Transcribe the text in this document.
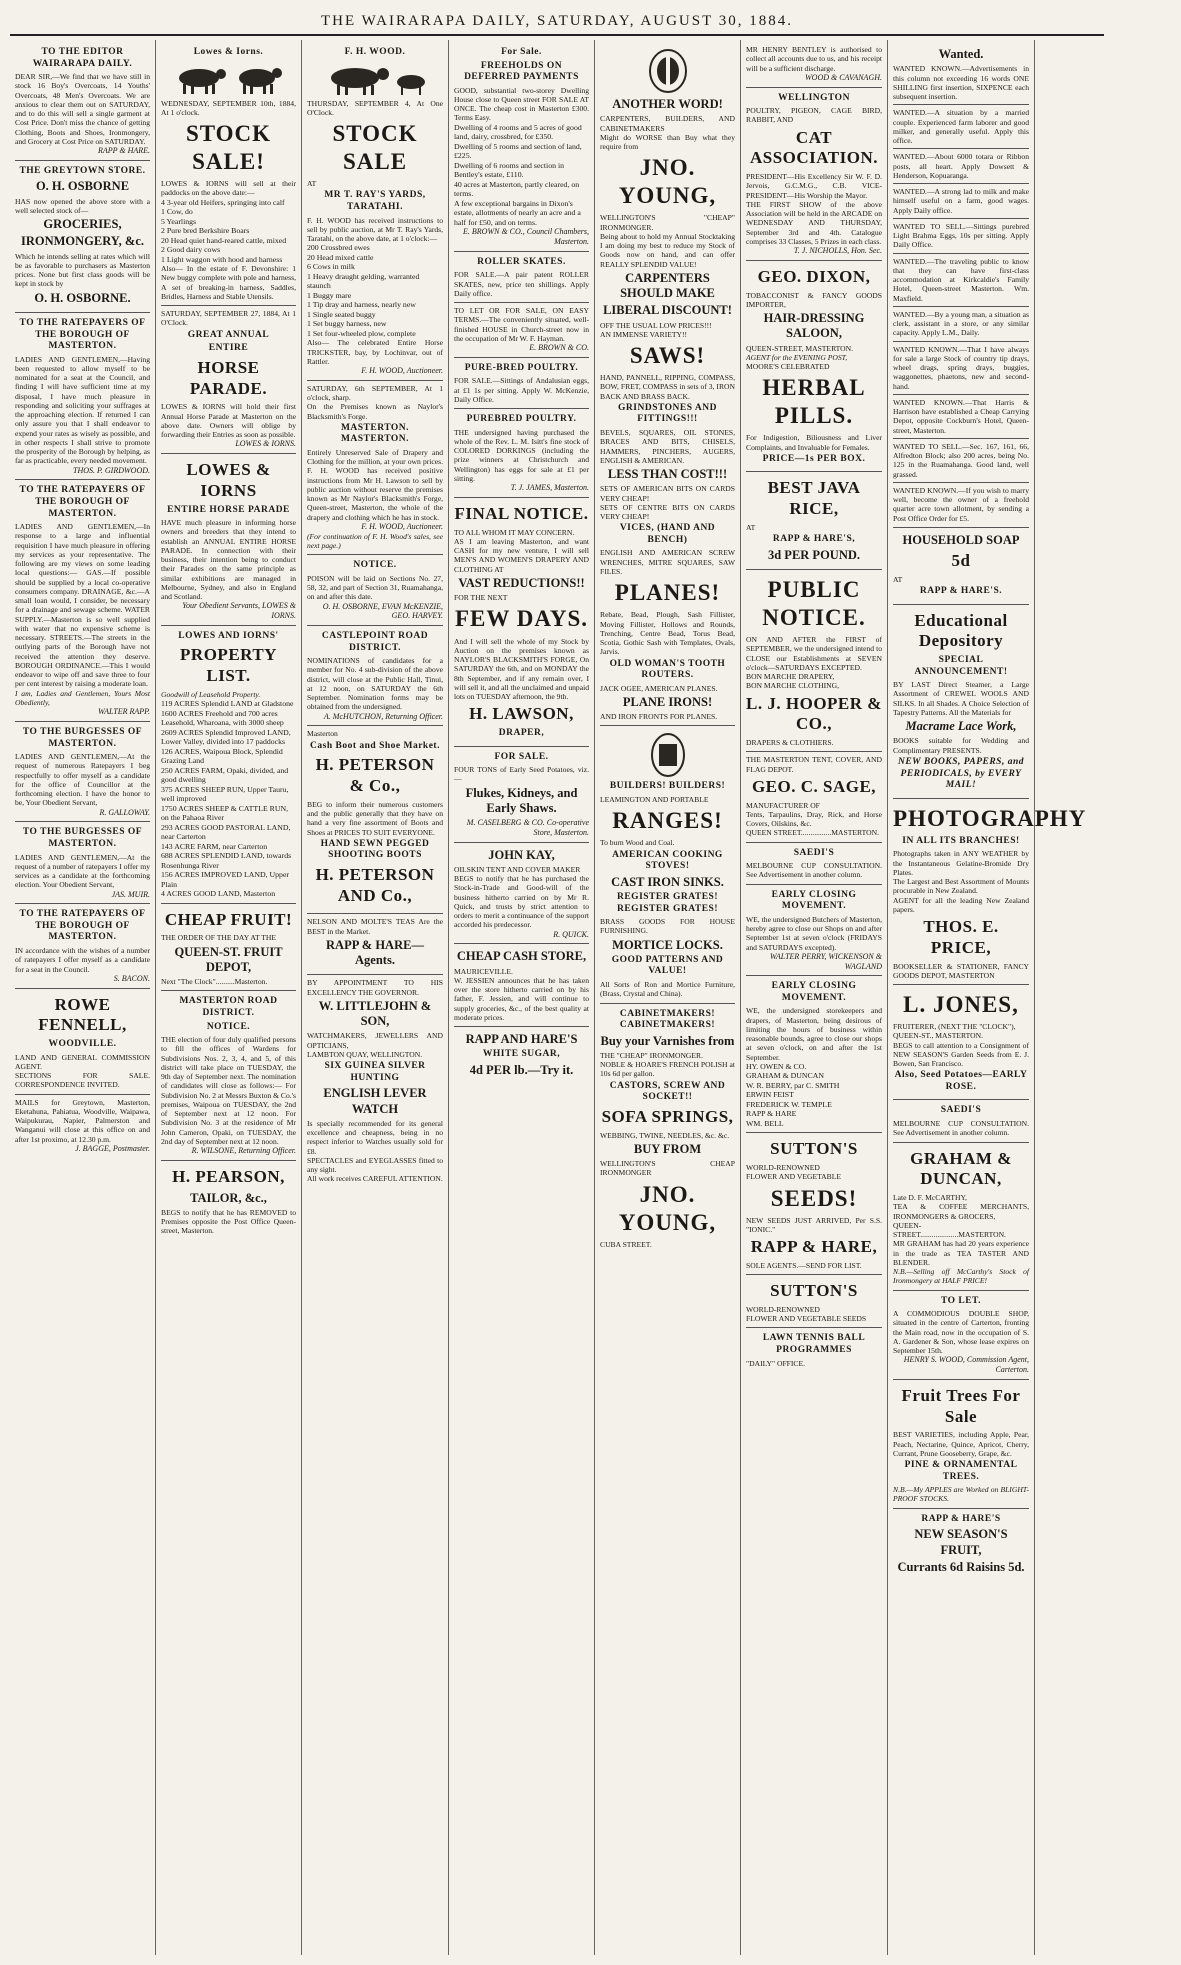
THE WAIRARAPA DAILY, SATURDAY, AUGUST 30, 1884.
TO THE EDITOR WAIRARAPA DAILY.
DEAR SIR,—We find that we have still in stock 16 Boy's Overcoats, 14 Youths' Overcoats, 48 Men's Overcoats. We are anxious to clear them out on SATURDAY, and to do this will sell a single garment at Cost Price. Don't miss the chance of getting Clothing, Boots and Shoes, Ironmongery, and Grocery at Cost Price on SATURDAY.
RAPP & HARE.
THE GREYTOWN STORE.
O. H. OSBORNE
HAS now opened the above store with a well selected stock of—
GROCERIES,
IRONMONGERY, &c.
Which he intends selling at rates which will be as favorable to purchasers as Masterton prices. None but first class goods will be kept in stock by
O. H. OSBORNE.
TO THE RATEPAYERS OF THE BOROUGH OF MASTERTON.
LADIES AND GENTLEMEN,—Having been requested to allow myself to be nominated for a seat at the Council, and finding I will have sufficient time at my disposal, I have much pleasure in responding and soliciting your suffrages at the approaching election. If returned I can only assure you that I shall endeavor to expend your rates as wisely as possible, and in other respects I shall strive to promote the prosperity of the Borough by helping, as far as practicable, every needed movement.
THOS. P. GIRDWOOD.
TO THE RATEPAYERS OF THE BOROUGH OF MASTERTON.
LADIES AND GENTLEMEN,—In response to a large and influential requisition I have much pleasure in offering my services as your representative. The following are my views on some leading local questions:— GAS.—If possible should be supplied by a local co-operative consumers company. DRAINAGE, &c.—A small loan would, I consider, be necessary for a drainage and sewage scheme. WATER SUPPLY.—Masterton is so well supplied with water that no expensive scheme is necessary. STREETS.—The streets in the outlying parts of the Borough have not received the attention they deserve. BOROUGH ORDINANCE.—This I would endeavor to wipe off and save three to four per cent interest by raising a moderate loan.
I am, Ladies and Gentlemen, Yours Most Obediently,
WALTER RAPP.
TO THE BURGESSES OF MASTERTON.
LADIES AND GENTLEMEN,—At the request of numerous Ratepayers I beg respectfully to offer myself as a candidate for the office of Councillor at the forthcoming election. I have the honor to be, Your Obedient Servant,
R. GALLOWAY.
TO THE BURGESSES OF MASTERTON.
LADIES AND GENTLEMEN,—At the request of a number of ratepayers I offer my services as a candidate at the forthcoming election. Your Obedient Servant,
JAS. MUIR.
TO THE RATEPAYERS OF THE BOROUGH OF MASTERTON.
IN accordance with the wishes of a number of ratepayers I offer myself as a candidate for a seat in the Council.
S. BACON.
ROWE FENNELL,
WOODVILLE.
LAND AND GENERAL COMMISSION AGENT.
SECTIONS FOR SALE. CORRESPONDENCE INVITED.
MAILS for Greytown, Masterton, Eketahuna, Pahiatua, Woodville, Waipawa, Waipukurau, Napier, Palmerston and Wanganui will close at this office on and after 1st proximo, at 12.30 p.m.
J. BAGGE, Postmaster.
Lowes & Iorns.
WEDNESDAY, SEPTEMBER 10th, 1884, At 1 o'clock.
STOCK SALE!
LOWES & IORNS will sell at their paddocks on the above date:—
4 3-year old Heifers, springing into calf
1 Cow, do
5 Yearlings
2 Pure bred Berkshire Boars
20 Head quiet hand-reared cattle, mixed
2 Good dairy cows
1 Light waggon with hood and harness
Also— In the estate of F. Devonshire: 1 New buggy complete with pole and harness, A set of breaking-in harness, Saddles, Bridles, Harness and Stable Utensils.
SATURDAY, SEPTEMBER 27, 1884, At 1 O'Clock.
GREAT ANNUAL
ENTIRE
HORSE PARADE.
LOWES & IORNS will hold their first Annual Horse Parade at Masterton on the above date. Owners will oblige by forwarding their Entries as soon as possible.
LOWES & IORNS.
LOWES & IORNS
ENTIRE HORSE PARADE
HAVE much pleasure in informing horse owners and breeders that they intend to establish an ANNUAL ENTIRE HORSE PARADE. In connection with their business, their intention being to conduct their Parades on the same principle as similar exhibitions are managed in Melbourne, Sydney, and also in England and Scotland.
Your Obedient Servants, LOWES & IORNS.
LOWES AND IORNS'
PROPERTY LIST.
Goodwill of Leasehold Property.
119 ACRES Splendid LAND at Gladstone
1600 ACRES Freehold and 700 acres Leasehold, Wharoana, with 3000 sheep
2609 ACRES Splendid Improved LAND, Lower Valley, divided into 17 paddocks
126 ACRES, Waipoua Block, Splendid Grazing Land
250 ACRES FARM, Opaki, divided, and good dwelling
375 ACRES SHEEP RUN, Upper Tauru, well improved
1750 ACRES SHEEP & CATTLE RUN, on the Pahaoa River
293 ACRES GOOD PASTORAL LAND, near Carterton
143 ACRE FARM, near Carterton
688 ACRES SPLENDID LAND, towards Rosenhunga River
156 ACRES IMPROVED LAND, Upper Plain
4 ACRES GOOD LAND, Masterton
CHEAP FRUIT!
THE ORDER OF THE DAY AT THE
QUEEN-ST. FRUIT DEPOT,
Next "The Clock"..........Masterton.
MASTERTON ROAD DISTRICT.
NOTICE.
THE election of four duly qualified persons to fill the offices of Wardens for Subdivisions Nos. 2, 3, 4, and 5, of this district will take place on TUESDAY, the 9th day of September next. The nomination of candidates will close as follows:— For Subdivision No. 2 at Messrs Buxton & Co.'s premises, Waipoua on TUESDAY, the 2nd of September next at 12 noon. For Subdivision No. 3 at the residence of Mr John Cameron, Opaki, on TUESDAY, the 2nd day of September next at 12 noon.
R. WILSONE, Returning Officer.
H. PEARSON,
TAILOR, &c.,
BEGS to notify that he has REMOVED to Premises opposite the Post Office Queen-street, Masterton.
F. H. WOOD.
THURSDAY, SEPTEMBER 4, At One O'Clock.
STOCK SALE
AT
MR T. RAY'S YARDS, TARATAHI.
F. H. WOOD has received instructions to sell by public auction, at Mr T. Ray's Yards, Taratahi, on the above date, at 1 o'clock:—
200 Crossbred ewes
20 Head mixed cattle
6 Cows in milk
1 Heavy draught gelding, warranted staunch
1 Buggy mare
1 Tip dray and harness, nearly new
1 Single seated buggy
1 Set buggy harness, new
1 Set four-wheeled plow, complete
Also— The celebrated Entire Horse TRICKSTER, bay, by Lochinvar, out of Rattler.
F. H. WOOD, Auctioneer.
SATURDAY, 6th SEPTEMBER, At 1 o'clock, sharp.
On the Premises known as Naylor's Blacksmith's Forge.
MASTERTON. MASTERTON.
Entirely Unreserved Sale of Drapery and Clothing for the million, at your own prices. F. H. WOOD has received positive instructions from Mr H. Lawson to sell by public auction without reserve the premises known as Mr Naylor's Blacksmith's Forge, Queen-street, Masterton, the whole of the drapery and clothing which he has in stock.
F. H. WOOD, Auctioneer.
(For continuation of F. H. Wood's sales, see next page.)
NOTICE.
POISON will be laid on Sections No. 27, 58, 32, and part of Section 31, Ruamahanga, on and after this date.
O. H. OSBORNE, EVAN McKENZIE, GEO. HARVEY.
CASTLEPOINT ROAD DISTRICT.
NOMINATIONS of candidates for a member for No. 4 sub-division of the above district, will close at the Public Hall, Tinui, at 12 noon, on SATURDAY the 6th September. Nomination forms may be obtained from the undersigned.
A. McHUTCHON, Returning Officer.
Masterton
Cash Boot and Shoe Market.
H. PETERSON & Co.,
BEG to inform their numerous customers and the public generally that they have on hand a very fine assortment of Boots and Shoes at PRICES TO SUIT EVERYONE.
HAND SEWN PEGGED SHOOTING BOOTS
H. PETERSON AND Co.,
NELSON AND MOLTE'S TEAS Are the BEST in the Market.
RAPP & HARE—Agents.
BY APPOINTMENT TO HIS EXCELLENCY THE GOVERNOR.
W. LITTLEJOHN & SON,
WATCHMAKERS, JEWELLERS AND OPTICIANS,
LAMBTON QUAY, WELLINGTON.
SIX GUINEA SILVER HUNTING
ENGLISH LEVER WATCH
Is specially recommended for its general excellence and cheapness, being in no respect inferior to Watches usually sold for £8.
SPECTACLES and EYEGLASSES fitted to any sight.
All work receives CAREFUL ATTENTION.
For Sale.
FREEHOLDS ON DEFERRED PAYMENTS
GOOD, substantial two-storey Dwelling House close to Queen street FOR SALE AT ONCE. The cheap cost in Masterton £300. Terms Easy.
Dwelling of 4 rooms and 5 acres of good land, dairy, crossbred, for £350.
Dwelling of 5 rooms and section of land, £225.
Dwelling of 6 rooms and section in Bentley's estate, £110.
40 acres at Masterton, partly cleared, on terms.
A few exceptional bargains in Dixon's estate, allotments of nearly an acre and a half for £50, and on terms.
E. BROWN & CO., Council Chambers, Masterton.
ROLLER SKATES.
FOR SALE.—A pair patent ROLLER SKATES, new, price ten shillings. Apply Daily office.
TO LET OR FOR SALE, ON EASY TERMS.—The conveniently situated, well-finished HOUSE in Church-street now in the occupation of Mr W. F. Hayman.
E. BROWN & CO.
PURE-BRED POULTRY.
FOR SALE.—Sittings of Andalusian eggs, at £1 1s per sitting. Apply W. McKenzie, Daily Office.
PUREBRED POULTRY.
THE undersigned having purchased the whole of the Rev. L. M. Isitt's fine stock of COLORED DORKINGS (including the prize winners at Christchurch and Wellington) has eggs for sale at £1 per sitting.
T. J. JAMES, Masterton.
FINAL NOTICE.
TO ALL WHOM IT MAY CONCERN.
AS I am leaving Masterton, and want CASH for my new venture, I will sell MEN'S AND WOMEN'S DRAPERY AND CLOTHING AT
VAST REDUCTIONS!!
FOR THE NEXT
FEW DAYS.
And I will sell the whole of my Stock by Auction on the premises known as NAYLOR'S BLACKSMITH'S FORGE, On SATURDAY the 6th, and on MONDAY the 8th September, and if any remain over, I will sell it, and all the unclaimed and unpaid lots on TUESDAY afternoon, the 9th.
H. LAWSON,
DRAPER,
FOR SALE.
FOUR TONS of Early Seed Potatoes, viz.—
Flukes, Kidneys, and Early Shaws.
M. CASELBERG & CO. Co-operative Store, Masterton.
JOHN KAY,
OILSKIN TENT AND COVER MAKER
BEGS to notify that he has purchased the Stock-in-Trade and Good-will of the business hitherto carried on by Mr R. Quick, and trusts by strict attention to orders to merit a continuance of the support accorded his predecessor.
R. QUICK.
CHEAP CASH STORE,
MAURICEVILLE.
W. JESSIEN announces that he has taken over the store hitherto carried on by his father, F. Jessien, and will continue to supply groceries, &c., of the best quality at moderate prices.
RAPP AND HARE'S
WHITE SUGAR,
4d PER lb.—Try it.
ANOTHER WORD!
CARPENTERS, BUILDERS, AND CABINETMAKERS
Might do WORSE than Buy what they require from
JNO. YOUNG,
WELLINGTON'S "CHEAP" IRONMONGER.
Being about to hold my Annual Stocktaking I am doing my best to reduce my Stock of Goods now on hand, and can offer REALLY SPLENDID VALUE!
CARPENTERS SHOULD MAKE
LIBERAL DISCOUNT!
OFF THE USUAL LOW PRICES!!!
AN IMMENSE VARIETY!!
SAWS!
HAND, PANNELL, RIPPING, COMPASS, BOW, FRET, COMPASS in sets of 3, IRON BACK AND BRASS BACK.
GRINDSTONES AND FITTINGS!!!
BEVELS, SQUARES, OIL STONES, BRACES AND BITS, CHISELS, HAMMERS, PINCHERS, AUGERS, ENGLISH & AMERICAN.
LESS THAN COST!!!
SETS OF AMERICAN BITS ON CARDS VERY CHEAP!
SETS OF CENTRE BITS ON CARDS VERY CHEAP!
VICES, (HAND AND BENCH)
ENGLISH AND AMERICAN SCREW WRENCHES, MITRE SQUARES, SAW FILES.
PLANES!
Rebate, Bead, Plough, Sash Fillister, Moving Fillister, Hollows and Rounds, Trenching, Centre Bead, Torus Bead, Scotia, Gothic Sash with Templates, Ovals, Jarvis.
OLD WOMAN'S TOOTH ROUTERS.
JACK OGEE, AMERICAN PLANES.
PLANE IRONS!
AND IRON FRONTS FOR PLANES.
BUILDERS! BUILDERS!
LEAMINGTON AND PORTABLE
RANGES!
To burn Wood and Coal.
AMERICAN COOKING STOVES!
CAST IRON SINKS.
REGISTER GRATES! REGISTER GRATES!
BRASS GOODS FOR HOUSE FURNISHING.
MORTICE LOCKS.
GOOD PATTERNS AND VALUE!
All Sorts of Ron and Mortice Furniture, (Brass, Crystal and China).
CABINETMAKERS! CABINETMAKERS!
Buy your Varnishes from
THE "CHEAP" IRONMONGER.
NOBLE & HOARE'S FRENCH POLISH at 10s 6d per gallon.
CASTORS, SCREW AND SOCKET!!
SOFA SPRINGS,
WEBBING, TWINE, NEEDLES, &c. &c.
BUY FROM
WELLINGTON'S CHEAP IRONMONGER
JNO. YOUNG,
CUBA STREET.
MR HENRY BENTLEY is authorised to collect all accounts due to us, and his receipt will be a sufficient discharge.
WOOD & CAVANAGH.
WELLINGTON
POULTRY, PIGEON, CAGE BIRD, RABBIT, AND
CAT ASSOCIATION.
PRESIDENT—His Excellency Sir W. F. D. Jervois, G.C.M.G., C.B. VICE-PRESIDENT—His Worship the Mayor.
THE FIRST SHOW of the above Association will be held in the ARCADE on WEDNESDAY AND THURSDAY, September 3rd and 4th. Catalogue comprises 33 Classes, 5 Prizes in each class.
T. J. NICHOLLS, Hon. Sec.
GEO. DIXON,
TOBACCONIST & FANCY GOODS IMPORTER,
HAIR-DRESSING SALOON,
QUEEN-STREET, MASTERTON.
AGENT for the EVENING POST,
MOORE'S CELEBRATED
HERBAL PILLS.
For Indigestion, Biliousness and Liver Complaints, and Invaluable for Females.
PRICE—1s PER BOX.
BEST JAVA RICE,
AT
RAPP & HARE'S,
3d PER POUND.
PUBLIC NOTICE.
ON AND AFTER the FIRST of SEPTEMBER, we the undersigned intend to CLOSE our Establishments at SEVEN o'clock—SATURDAYS EXCEPTED.
BON MARCHE DRAPERY,
BON MARCHE CLOTHING,
L. J. HOOPER & CO.,
DRAPERS & CLOTHIERS.
THE MASTERTON TENT, COVER, AND FLAG DEPOT.
GEO. C. SAGE,
MANUFACTURER OF
Tents, Tarpaulins, Dray, Rick, and Horse Covers, Oilskins, &c.
QUEEN STREET................MASTERTON.
SAEDI'S
MELBOURNE CUP CONSULTATION. See Advertisement in another column.
EARLY CLOSING MOVEMENT.
WE, the undersigned Butchers of Masterton, hereby agree to close our Shops on and after September 1st at seven o'clock (FRIDAYS and SATURDAYS excepted).
WALTER PERRY, WICKENSON & WAGLAND
EARLY CLOSING MOVEMENT.
WE, the undersigned storekeepers and drapers, of Masterton, being desirous of limiting the hours of business within reasonable bounds, agree to close our shops at seven o'clock, on and after the 1st September.
HY. OWEN & CO.
GRAHAM & DUNCAN
W. R. BERRY, par C. SMITH
ERWIN FEIST
FREDERICK W. TEMPLE
RAPP & HARE
WM. BELL
SUTTON'S
WORLD-RENOWNED
FLOWER AND VEGETABLE
SEEDS!
NEW SEEDS JUST ARRIVED, Per S.S. "IONIC."
RAPP & HARE,
SOLE AGENTS.—SEND FOR LIST.
SUTTON'S
WORLD-RENOWNED
FLOWER AND VEGETABLE SEEDS
LAWN TENNIS BALL PROGRAMMES
"DAILY" OFFICE.
Wanted.
WANTED KNOWN.—Advertisements in this column not exceeding 16 words ONE SHILLING first insertion, SIXPENCE each subsequent insertion.
WANTED.—A situation by a married couple. Experienced farm laborer and good milker, and generally useful. Apply this office.
WANTED.—About 6000 totara or Ribbon posts, all heart. Apply Dowsett & Henderson, Kopuaranga.
WANTED.—A strong lad to milk and make himself useful on a farm, good wages. Apply Daily office.
WANTED TO SELL.—Sittings purebred Light Brahma Eggs, 10s per sitting. Apply Daily Office.
WANTED.—The traveling public to know that they can have first-class accommodation at Kirkcaldie's Family Hotel, Queen-street Masterton. Wm. Maxfield.
WANTED.—By a young man, a situation as clerk, assistant in a store, or any similar capacity. Apply L.M., Daily.
WANTED KNOWN.—That I have always for sale a large Stock of country tip drays, wheel drags, spring drays, buggies, waggonettes, phaetons, new and second-hand.
WANTED KNOWN.—That Harris & Harrison have established a Cheap Carrying Depot, opposite Cockburn's Hotel, Queen-street, Masterton.
WANTED TO SELL.—Sec. 167, 161, 66, Alfredton Block; also 200 acres, being No. 125 in the Ruamahanga. Good land, well grassed.
WANTED KNOWN.—If you wish to marry well, become the owner of a freehold quarter acre town allotment, by sending a Post Office Order for £5.
HOUSEHOLD SOAP
5d
AT
RAPP & HARE'S.
Educational Depository
SPECIAL ANNOUNCEMENT!
BY LAST Direct Steamer, a Large Assortment of CREWEL WOOLS AND SILKS. In all Shades. A Choice Selection of Tapestry Patterns. All the Materials for
Macrame Lace Work,
BOOKS suitable for Wedding and Complimentary PRESENTS.
NEW BOOKS, PAPERS, and PERIODICALS, by EVERY MAIL!
PHOTOGRAPHY
IN ALL ITS BRANCHES!
Photographs taken in ANY WEATHER by the Instantaneous Gelatine-Bromide Dry Plates.
The Largest and Best Assortment of Mounts procurable in New Zealand.
AGENT for all the leading New Zealand papers.
THOS. E. PRICE,
BOOKSELLER & STATIONER, FANCY GOODS DEPOT, MASTERTON
L. JONES,
FRUITERER, (NEXT THE "CLOCK"),
QUEEN-ST., MASTERTON.
BEGS to call attention to a Consignment of NEW SEASON'S Garden Seeds from E. J. Bowen, San Francisco.
Also, Seed Potatoes—EARLY ROSE.
SAEDI'S
MELBOURNE CUP CONSULTATION. See Advertisement in another column.
GRAHAM & DUNCAN,
Late D. F. McCARTHY,
TEA & COFFEE MERCHANTS, IRONMONGERS & GROCERS,
QUEEN-STREET....................MASTERTON.
MR GRAHAM has had 20 years experience in the trade as TEA TASTER AND BLENDER.
N.B.—Selling off McCarthy's Stock of Ironmongery at HALF PRICE!
TO LET.
A COMMODIOUS DOUBLE SHOP, situated in the centre of Carterton, fronting the Main road, now in the occupation of S. A. Gardener & Son, whose lease expires on September 15th.
HENRY S. WOOD, Commission Agent, Carterton.
Fruit Trees For Sale
BEST VARIETIES, including Apple, Pear, Peach, Nectarine, Quince, Apricot, Cherry, Currant, Prune Gooseberry, Grape, &c.
PINE & ORNAMENTAL TREES.
N.B.—My APPLES are Worked on BLIGHT-PROOF STOCKS.
RAPP & HARE'S
NEW SEASON'S FRUIT,
Currants 6d Raisins 5d.
